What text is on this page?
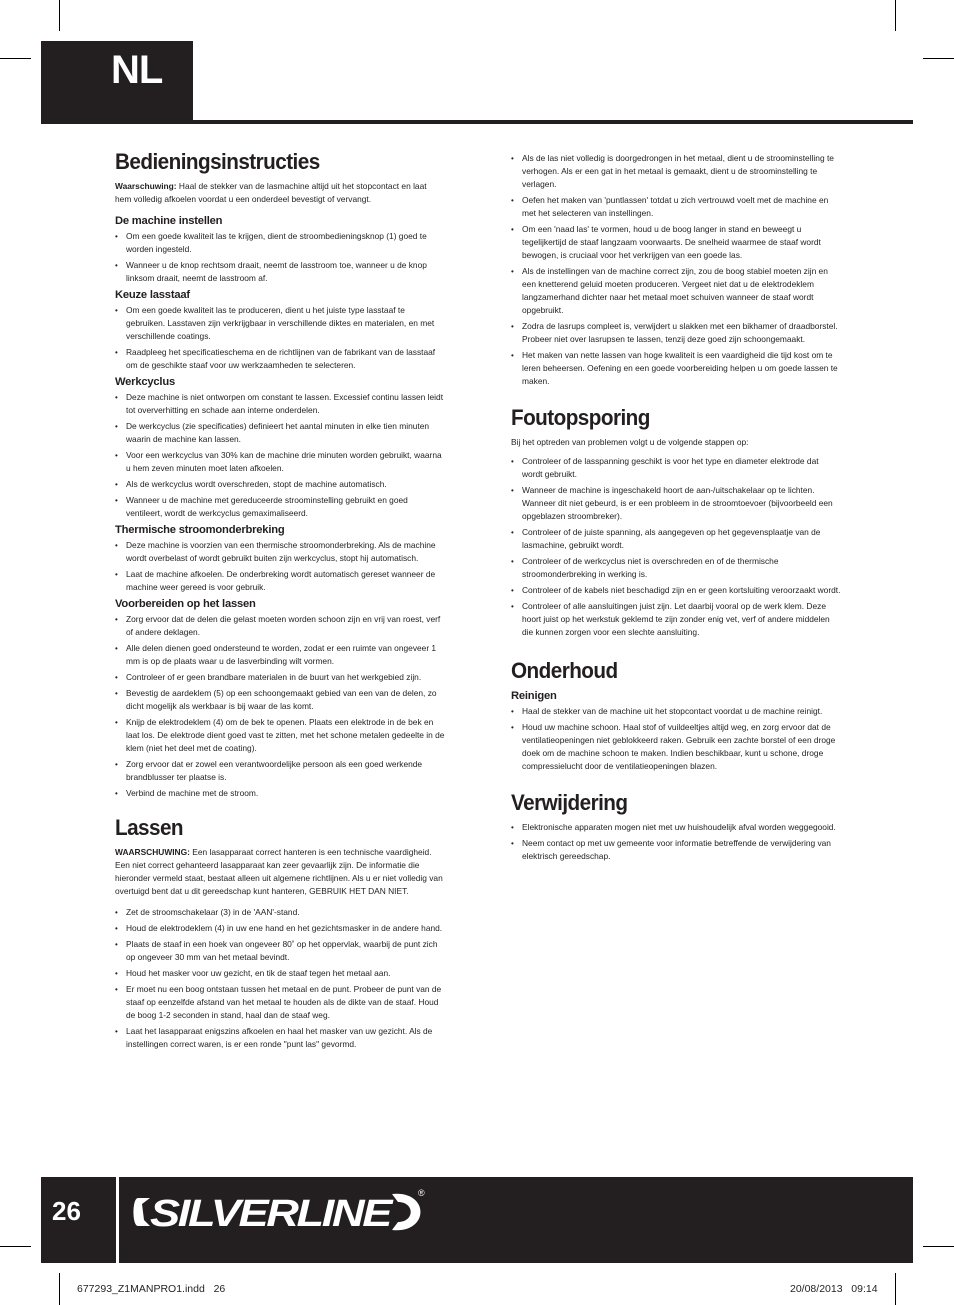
NL
Bedieningsinstructies

Waarschuwing: Haal de stekker van de lasmachine altijd uit het stopcontact en laat hem volledig afkoelen voordat u een onderdeel bevestigt of vervangt.

De machine instellen
• Om een goede kwaliteit las te krijgen, dient de stroombedieningsknop (1) goed te worden ingesteld.
• Wanneer u de knop rechtsom draait, neemt de lasstroom toe, wanneer u de knop linksom draait, neemt de lasstroom af.
Keuze lasstaaf
• Om een goede kwaliteit las te produceren, dient u het juiste type lasstaaf te gebruiken. Lasstaven zijn verkrijgbaar in verschillende diktes en materialen, en met verschillende coatings.
• Raadpleeg het specificatieschema en de richtlijnen van de fabrikant van de lasstaaf om de geschikte staaf voor uw werkzaamheden te selecteren.
Werkcyclus
• Deze machine is niet ontworpen om constant te lassen. Excessief continu lassen leidt tot oververhitting en schade aan interne onderdelen.
• De werkcyclus (zie specificaties) definieert het aantal minuten in elke tien minuten waarin de machine kan lassen.
• Voor een werkcyclus van 30% kan de machine drie minuten worden gebruikt, waarna u hem zeven minuten moet laten afkoelen.
• Als de werkcyclus wordt overschreden, stopt de machine automatisch.
• Wanneer u de machine met gereduceerde stroominstelling gebruikt en goed ventileert, wordt de werkcyclus gemaximaliseerd.
Thermische stroomonderbreking
• Deze machine is voorzien van een thermische stroomonderbreking. Als de machine wordt overbelast of wordt gebruikt buiten zijn werkcyclus, stopt hij automatisch.
• Laat de machine afkoelen. De onderbreking wordt automatisch gereset wanneer de machine weer gereed is voor gebruik.
Voorbereiden op het lassen
• Zorg ervoor dat de delen die gelast moeten worden schoon zijn en vrij van roest, verf of andere deklagen.
• Alle delen dienen goed ondersteund te worden, zodat er een ruimte van ongeveer 1 mm is op de plaats waar u de lasverbinding wilt vormen.
• Controleer of er geen brandbare materialen in de buurt van het werkgebied zijn.
• Bevestig de aardeklem (5) op een schoongemaakt gebied van een van de delen, zo dicht mogelijk als werkbaar is bij waar de las komt.
• Knijp de elektrodeklem (4) om de bek te openen. Plaats een elektrode in de bek en laat los. De elektrode dient goed vast te zitten, met het schone metalen gedeelte in de klem (niet het deel met de coating).
• Zorg ervoor dat er zowel een verantwoordelijke persoon als een goed werkende brandblusser ter plaatse is.
• Verbind de machine met de stroom.
Lassen

WAARSCHUWING: Een lasapparaat correct hanteren is een technische vaardigheid. Een niet correct gehanteerd lasapparaat kan zeer gevaarlijk zijn. De informatie die hieronder vermeld staat, bestaat alleen uit algemene richtlijnen. Als u er niet volledig van overtuigd bent dat u dit gereedschap kunt hanteren, GEBRUIK HET DAN NIET.

• Zet de stroomschakelaar (3) in de 'AAN'-stand.
• Houd de elektrodeklem (4) in uw ene hand en het gezichtsmasker in de andere hand.
• Plaats de staaf in een hoek van ongeveer 80˚ op het oppervlak, waarbij de punt zich op ongeveer 30 mm van het metaal bevindt.
• Houd het masker voor uw gezicht, en tik de staaf tegen het metaal aan.
• Er moet nu een boog ontstaan tussen het metaal en de punt. Probeer de punt van de staaf op eenzelfde afstand van het metaal te houden als de dikte van de staaf. Houd de boog 1-2 seconden in stand, haal dan de staaf weg.
• Laat het lasapparaat enigszins afkoelen en haal het masker van uw gezicht. Als de instellingen correct waren, is er een ronde "punt las" gevormd.
• Als de las niet volledig is doorgedrongen in het metaal, dient u de stroominstelling te verhogen. Als er een gat in het metaal is gemaakt, dient u de stroominstelling te verlagen.
• Oefen het maken van 'puntlassen' totdat u zich vertrouwd voelt met de machine en met het selecteren van instellingen.
• Om een 'naad las' te vormen, houd u de boog langer in stand en beweegt u tegelijkertijd de staaf langzaam voorwaarts. De snelheid waarmee de staaf wordt bewogen, is cruciaal voor het verkrijgen van een goede las.
• Als de instellingen van de machine correct zijn, zou de boog stabiel moeten zijn en een knetterend geluid moeten produceren. Vergeet niet dat u de elektrodeklem langzamerhand dichter naar het metaal moet schuiven wanneer de staaf wordt opgebruikt.
• Zodra de lasrups compleet is, verwijdert u slakken met een bikhamer of draadborstel. Probeer niet over lasrupsen te lassen, tenzij deze goed zijn schoongemaakt.
• Het maken van nette lassen van hoge kwaliteit is een vaardigheid die tijd kost om te leren beheersen. Oefening en een goede voorbereiding helpen u om goede lassen te maken.
Foutopsporing

Bij het optreden van problemen volgt u de volgende stappen op:

• Controleer of de lasspanning geschikt is voor het type en diameter elektrode dat wordt gebruikt.
• Wanneer de machine is ingeschakeld hoort de aan-/uitschakelaar op te lichten. Wanneer dit niet gebeurd, is er een probleem in de stroomtoevoer (bijvoorbeeld een opgeblazen stroombreker).
• Controleer of de juiste spanning, als aangegeven op het gegevensplaatje van de lasmachine, gebruikt wordt.
• Controleer of de werkcyclus niet is overschreden en of de thermische stroomonderbreking in werking is.
• Controleer of de kabels niet beschadigd zijn en er geen kortsluiting veroorzaakt wordt.
• Controleer of alle aansluitingen juist zijn. Let daarbij vooral op de werk klem. Deze hoort juist op het werkstuk geklemd te zijn zonder enig vet, verf of andere middelen die kunnen zorgen voor een slechte aansluiting.
Onderhoud
Reinigen
• Haal de stekker van de machine uit het stopcontact voordat u de machine reinigt.
• Houd uw machine schoon. Haal stof of vuildeeltjes altijd weg, en zorg ervoor dat de ventilatieopeningen niet geblokkeerd raken. Gebruik een zachte borstel of een droge doek om de machine schoon te maken. Indien beschikbaar, kunt u schone, droge compressielucht door de ventilatieopeningen blazen.
Verwijdering
• Elektronische apparaten mogen niet met uw huishoudelijk afval worden weggegooid.
• Neem contact op met uw gemeente voor informatie betreffende de verwijdering van elektrisch gereedschap.
26	SILVERLINE	®
677293_Z1MANPRO1.indd   26	20/08/2013   09:14
